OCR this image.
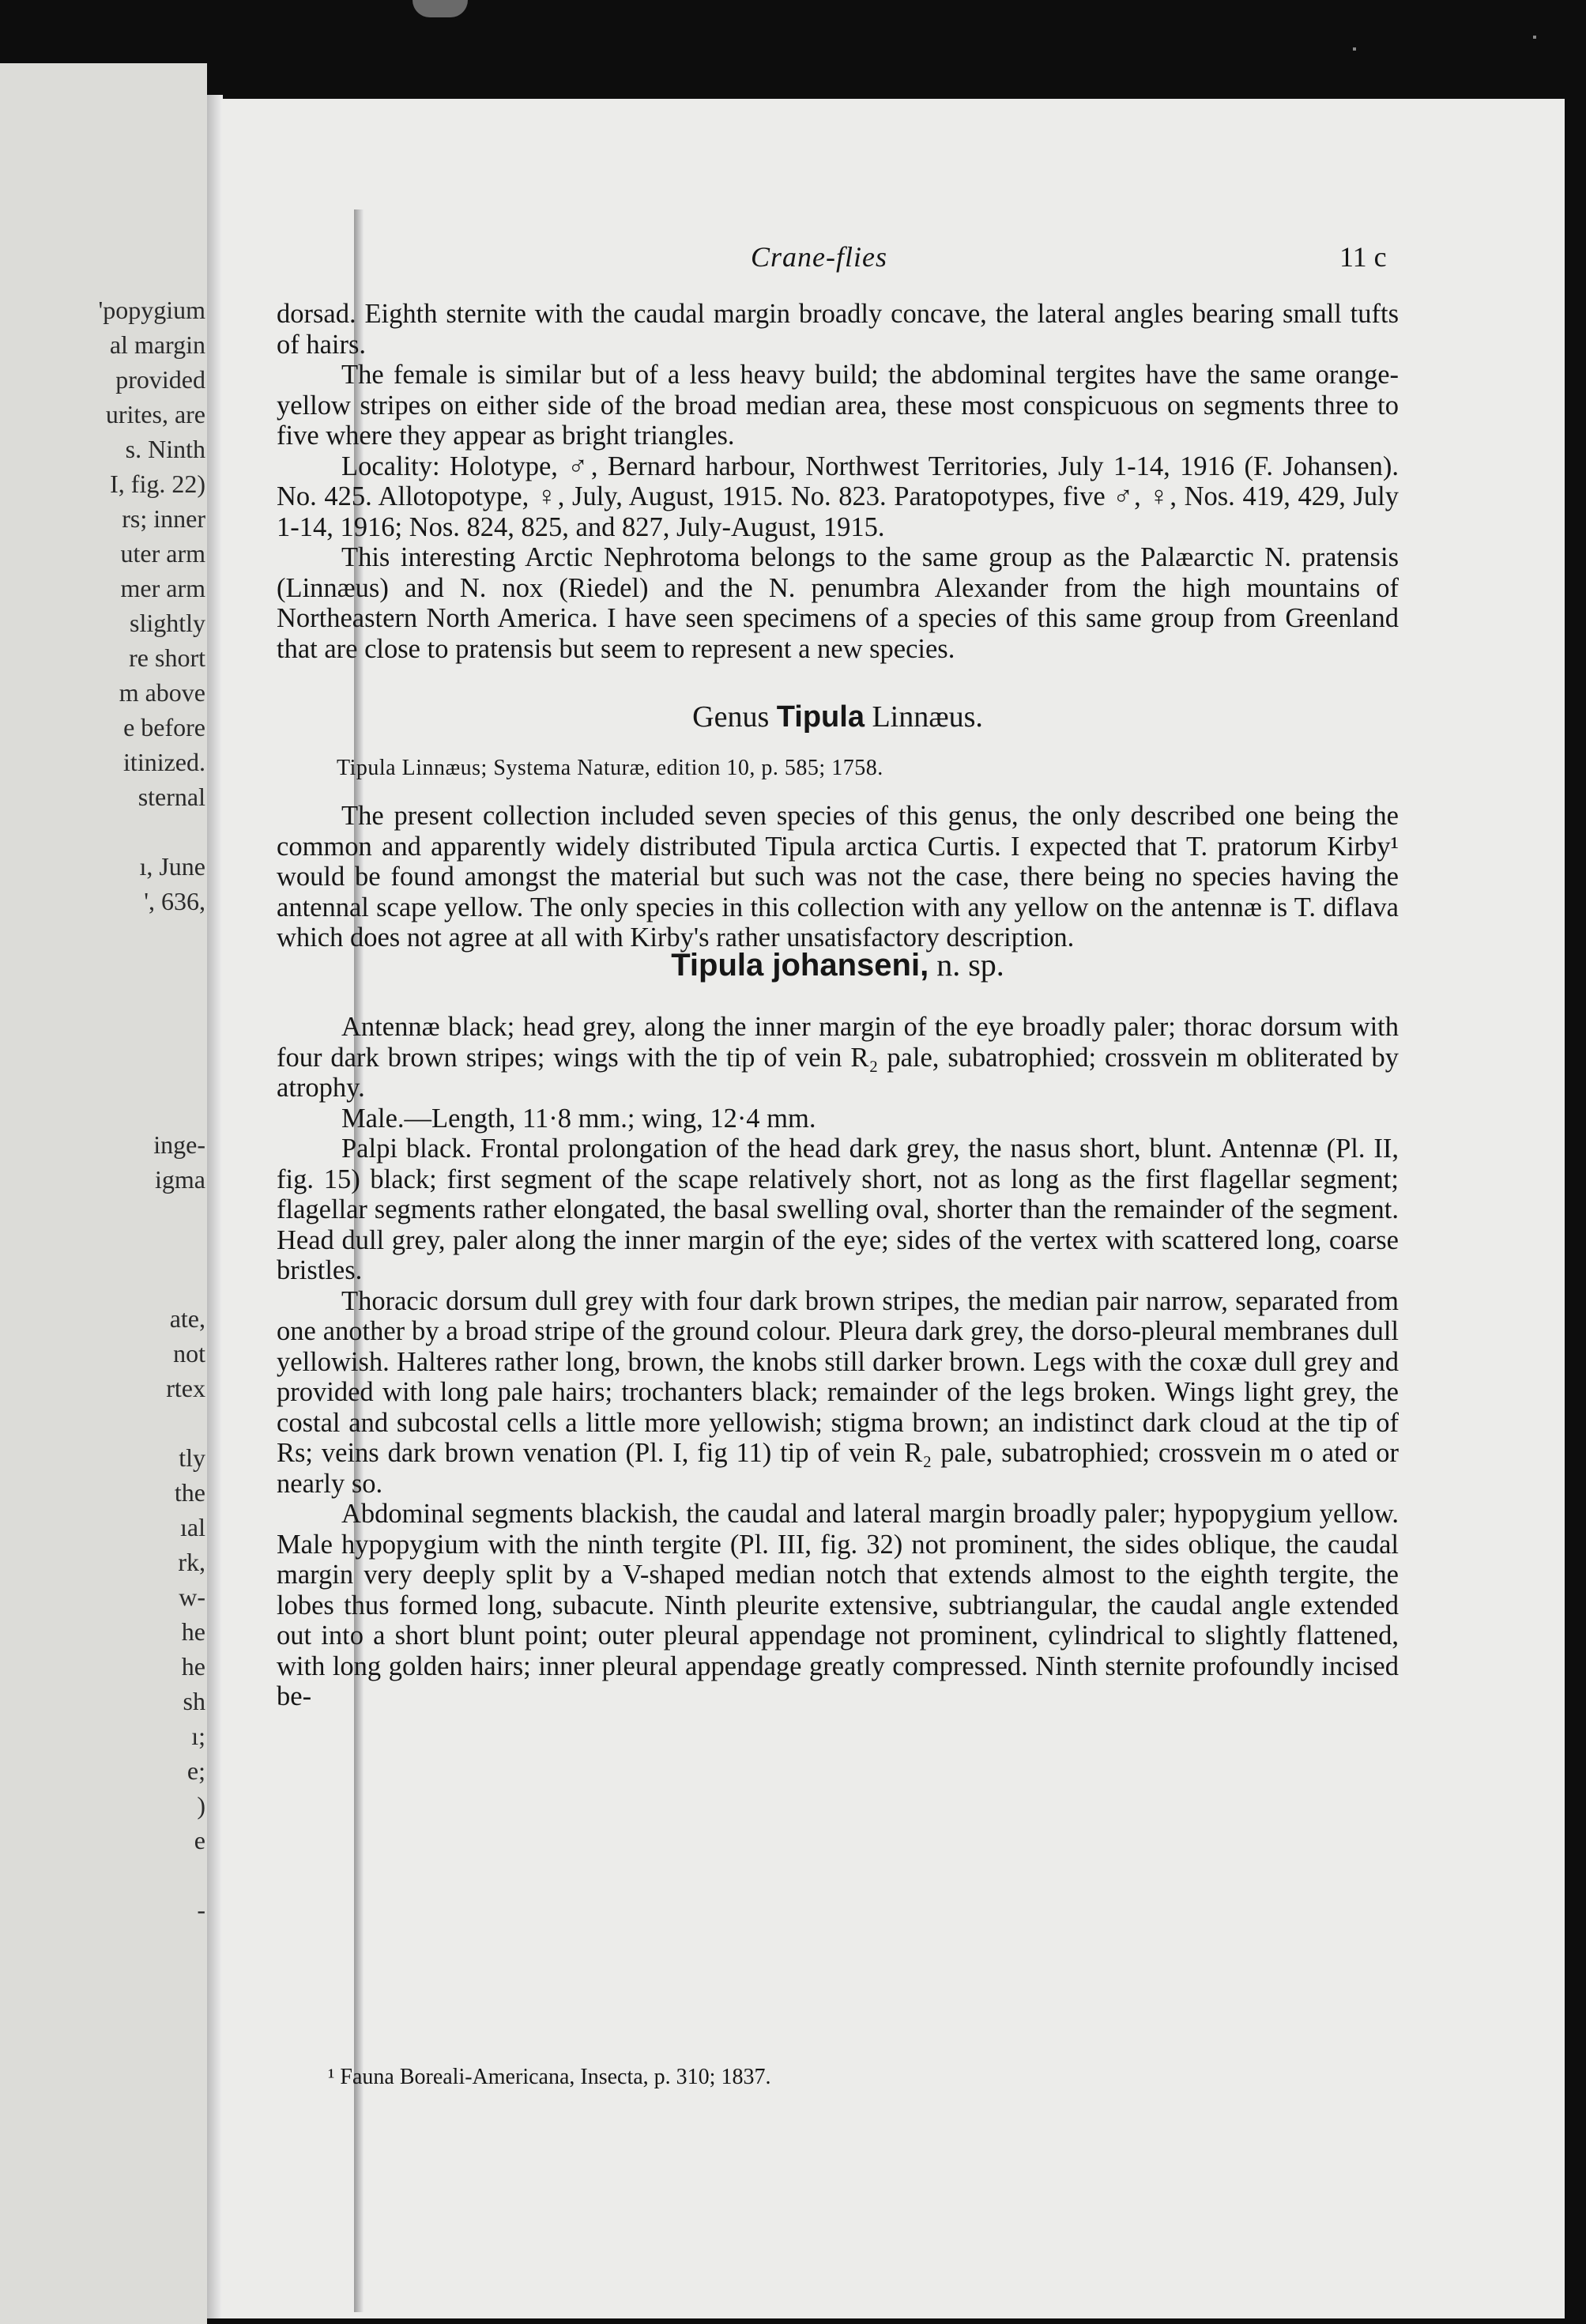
'popygium
al margin
provided
urites, are
s. Ninth
I, fig. 22)
rs; inner
uter arm
mer arm
slightly
re short
m above
e before
itinized.
sternal
ı, June
', 636,
inge-
igma
ate,
not
rtex
tly
the
ıal
rk,
w-
he
he
sh
ı;
e;
)
e
-
Crane-flies	11 c

dorsad. Eighth sternite with the caudal margin broadly concave, the lateral angles bearing small tufts of hairs.

The female is similar but of a less heavy build; the abdominal tergites have the same orange-yellow stripes on either side of the broad median area, these most conspicuous on segments three to five where they appear as bright triangles.

Locality: Holotype, ♂, Bernard harbour, Northwest Territories, July 1-14, 1916 (F. Johansen). No. 425. Allotopotype, ♀, July, August, 1915. No. 823. Paratopotypes, five ♂, ♀, Nos. 419, 429, July 1-14, 1916; Nos. 824, 825, and 827, July-August, 1915.

This interesting Arctic Nephrotoma belongs to the same group as the Palæarctic N. pratensis (Linnæus) and N. nox (Riedel) and the N. penumbra Alexander from the high mountains of Northeastern North America. I have seen specimens of a species of this same group from Greenland that are close to pratensis but seem to represent a new species.

Genus Tipula Linnæus.
Tipula Linnæus; Systema Naturæ, edition 10, p. 585; 1758.

The present collection included seven species of this genus, the only described one being the common and apparently widely distributed Tipula arctica Curtis. I expected that T. pratorum Kirby¹ would be found amongst the material but such was not the case, there being no species having the antennal scape yellow. The only species in this collection with any yellow on the antennæ is T. diflava which does not agree at all with Kirby's rather unsatisfactory description.

Tipula johanseni, n. sp.

Antennæ black; head grey, along the inner margin of the eye broadly paler; thorac dorsum with four dark brown stripes; wings with the tip of vein R₂ pale, subatrophied; crossvein m obliterated by atrophy.

Male.—Length, 11·8 mm.; wing, 12·4 mm.

Palpi black. Frontal prolongation of the head dark grey, the nasus short, blunt. Antennæ (Pl. II, fig. 15) black; first segment of the scape relatively short, not as long as the first flagellar segment; flagellar segments rather elongated, the basal swelling oval, shorter than the remainder of the segment. Head dull grey, paler along the inner margin of the eye; sides of the vertex with scattered long, coarse bristles.

Thoracic dorsum dull grey with four dark brown stripes, the median pair narrow, separated from one another by a broad stripe of the ground colour. Pleura dark grey, the dorso-pleural membranes dull yellowish. Halteres rather long, brown, the knobs still darker brown. Legs with the coxæ dull grey and provided with long pale hairs; trochanters black; remainder of the legs broken. Wings light grey, the costal and subcostal cells a little more yellowish; stigma brown; an indistinct dark cloud at the tip of Rs; veins dark brown venation (Pl. I, fig 11) tip of vein R₂ pale, subatrophied; crossvein m o ated or nearly so.

Abdominal segments blackish, the caudal and lateral margin broadly paler; hypopygium yellow. Male hypopygium with the ninth tergite (Pl. III, fig. 32) not prominent, the sides oblique, the caudal margin very deeply split by a V-shaped median notch that extends almost to the eighth tergite, the lobes thus formed long, subacute. Ninth pleurite extensive, subtriangular, the caudal angle extended out into a short blunt point; outer pleural appendage not prominent, cylindrical to slightly flattened, with long golden hairs; inner pleural appendage greatly compressed. Ninth sternite profoundly incised be-

¹ Fauna Boreali-Americana, Insecta, p. 310; 1837.
